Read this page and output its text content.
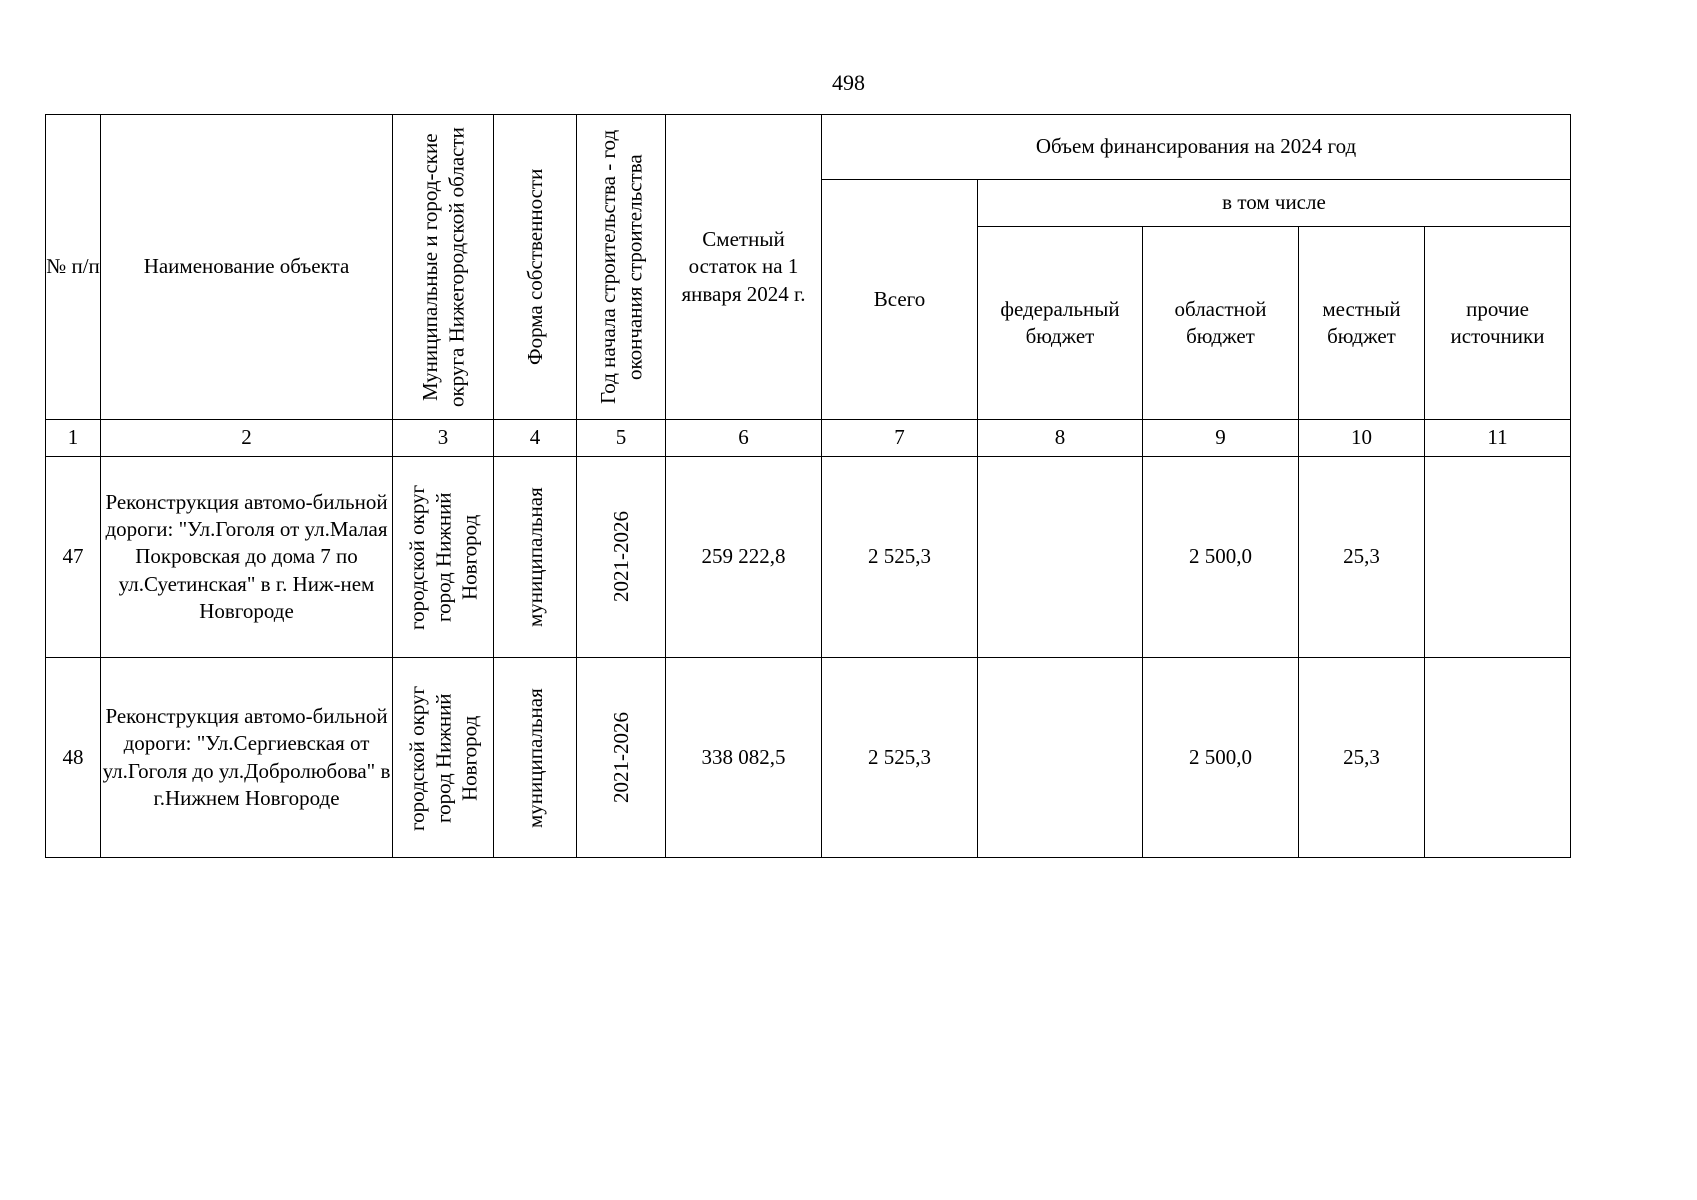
498
№ п/п	Наименование объекта	Муниципальные и город-ские округа Нижегородской области	Форма собственности	Год начала строительства - год окончания строительства	Сметный остаток на 1 января 2024 г.	Объем финансирования на 2024 год				
						Всего	в том числе			
							федеральный бюджет	областной бюджет	местный бюджет	прочие источники
1	2	3	4	5	6	7	8	9	10	11
47	Реконструкция автомо-бильной дороги: "Ул.Гоголя от ул.Малая Покровская до дома 7 по ул.Суетинская" в г. Ниж-нем Новгороде	городской округ город Нижний Новгород	муниципальная	2021-2026	259 222,8	2 525,3		2 500,0	25,3	
48	Реконструкция автомо-бильной дороги: "Ул.Сергиевская от ул.Гоголя до ул.Добролюбова" в г.Нижнем Новгороде	городской округ город Нижний Новгород	муниципальная	2021-2026	338 082,5	2 525,3		2 500,0	25,3	
